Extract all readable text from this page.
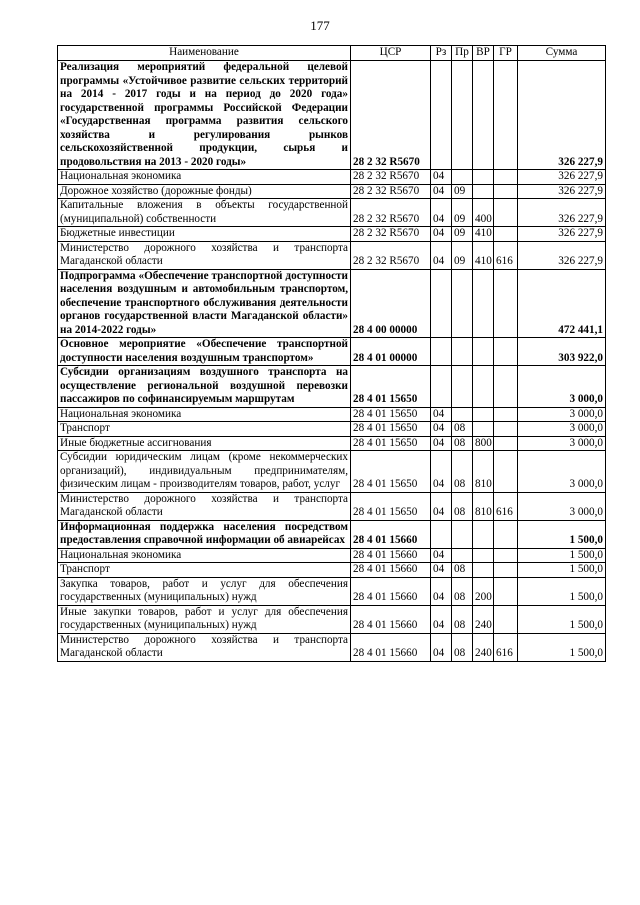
177
Наименование	ЦСР	Рз	Пр	ВР	ГР	Сумма
Реализация мероприятий федеральной целевой программы «Устойчивое развитие сельских территорий на 2014 - 2017 годы и на период до 2020 года» государственной программы Российской Федерации «Государственная программа развития сельского хозяйства и регулирования рынков сельскохозяйственной продукции, сырья и продовольствия на 2013 - 2020 годы»	28 2 32 R5670					326 227,9
Национальная экономика	28 2 32 R5670	04				326 227,9
Дорожное хозяйство (дорожные фонды)	28 2 32 R5670	04	09			326 227,9
Капитальные вложения в объекты государственной (муниципальной) собственности	28 2 32 R5670	04	09	400		326 227,9
Бюджетные инвестиции	28 2 32 R5670	04	09	410		326 227,9
Министерство дорожного хозяйства и транспорта Магаданской области	28 2 32 R5670	04	09	410	616	326 227,9
Подпрограмма «Обеспечение транспортной доступности населения воздушным и автомобильным транспортом, обеспечение транспортного обслуживания деятельности органов государственной власти Магаданской области» на 2014-2022 годы»	28 4 00 00000					472 441,1
Основное мероприятие «Обеспечение транспортной доступности населения воздушным транспортом»	28 4 01 00000					303 922,0
Субсидии организациям воздушного транспорта на осуществление региональной воздушной перевозки пассажиров по софинансируемым маршрутам	28 4 01 15650					3 000,0
Национальная экономика	28 4 01 15650	04				3 000,0
Транспорт	28 4 01 15650	04	08			3 000,0
Иные бюджетные ассигнования	28 4 01 15650	04	08	800		3 000,0
Субсидии юридическим лицам (кроме некоммерческих организаций), индивидуальным предпринимателям, физическим лицам - производителям товаров, работ, услуг	28 4 01 15650	04	08	810		3 000,0
Министерство дорожного хозяйства и транспорта Магаданской области	28 4 01 15650	04	08	810	616	3 000,0
Информационная поддержка населения посредством предоставления справочной информации об авиарейсах	28 4 01 15660					1 500,0
Национальная экономика	28 4 01 15660	04				1 500,0
Транспорт	28 4 01 15660	04	08			1 500,0
Закупка товаров, работ и услуг для обеспечения государственных (муниципальных) нужд	28 4 01 15660	04	08	200		1 500,0
Иные закупки товаров, работ и услуг для обеспечения государственных (муниципальных) нужд	28 4 01 15660	04	08	240		1 500,0
Министерство дорожного хозяйства и транспорта Магаданской области	28 4 01 15660	04	08	240	616	1 500,0
